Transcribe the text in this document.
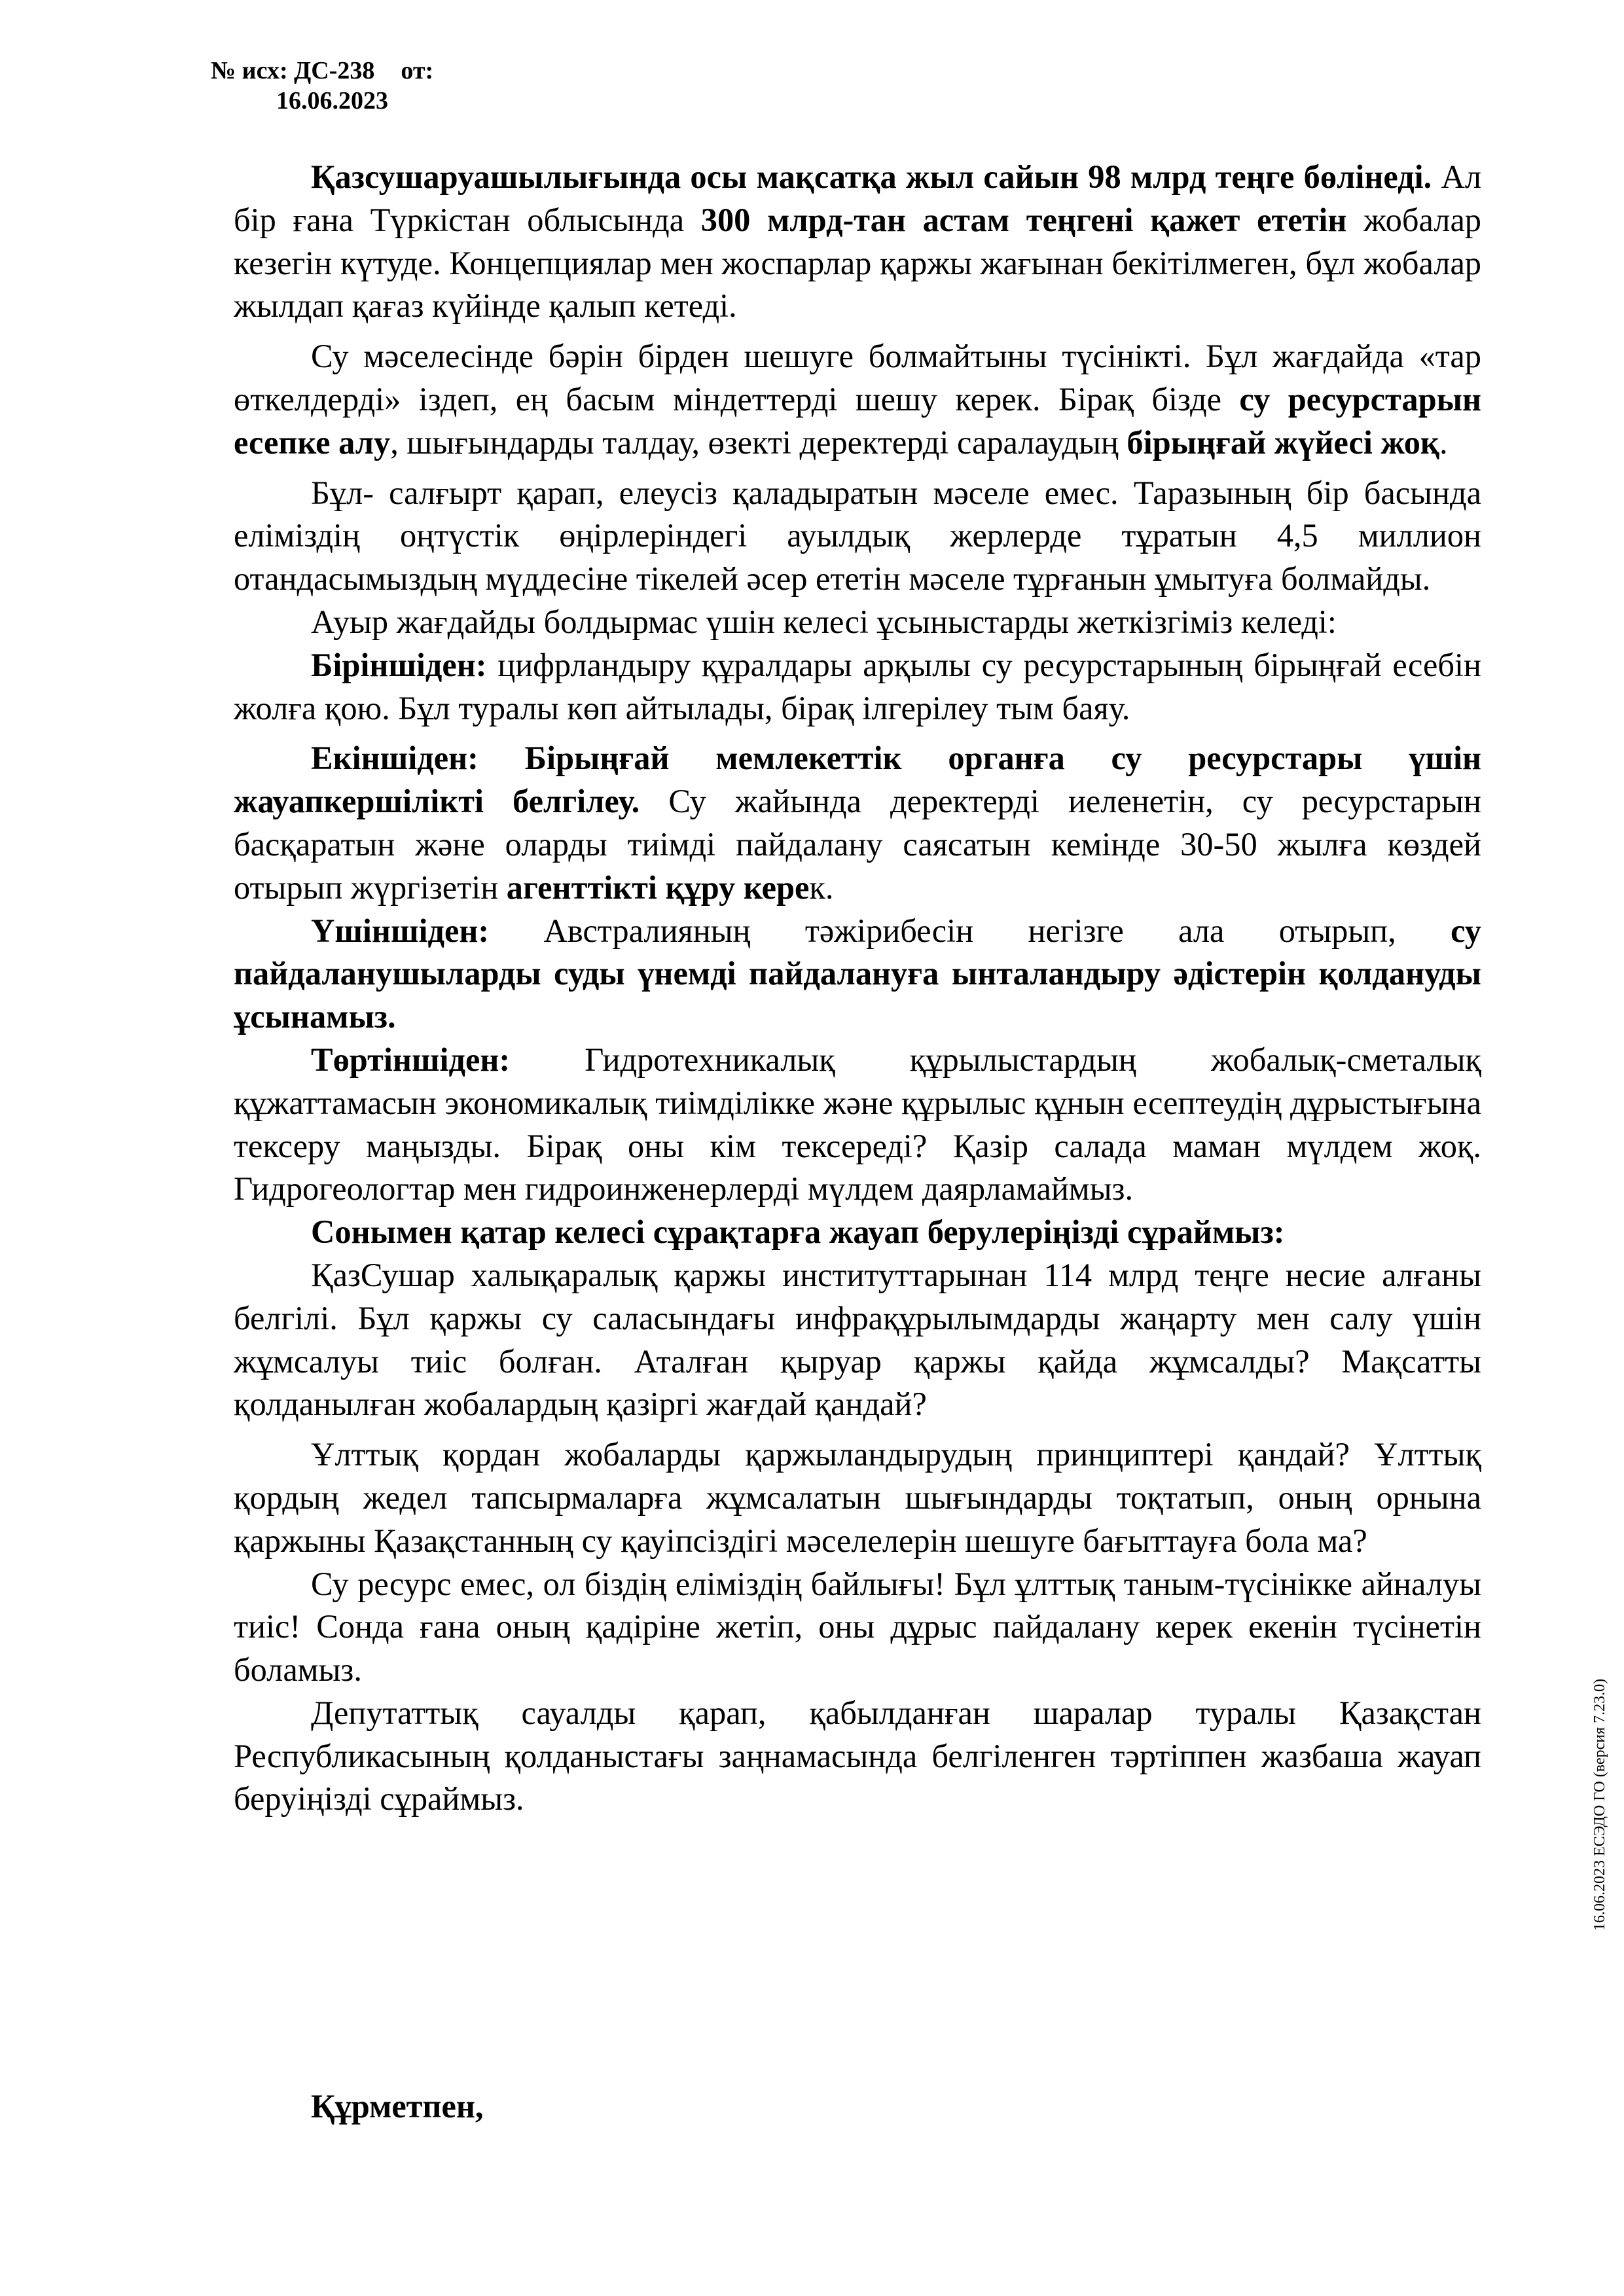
№ исх: ДС-238 от:
16.06.2023

Қазсушаруашылығында осы мақсатқа жыл сайын 98 млрд теңге бөлінеді. Ал бір ғана Түркістан облысында 300 млрд-тан астам теңгені қажет ететін жобалар кезегін күтуде. Концепциялар мен жоспарлар қаржы жағынан бекітілмеген, бұл жобалар жылдап қағаз күйінде қалып кетеді.

Су мәселесінде бәрін бірден шешуге болмайтыны түсінікті. Бұл жағдайда «тар өткелдерді» іздеп, ең басым міндеттерді шешу керек. Бірақ бізде су ресурстарын есепке алу, шығындарды талдау, өзекті деректерді саралаудың бірыңғай жүйесі жоқ.

Бұл- салғырт қарап, елеусіз қаладыратын мәселе емес. Таразының бір басында еліміздің оңтүстік өңірлеріндегі ауылдық жерлерде тұратын 4,5 миллион отандасымыздың мүддесіне тікелей әсер ететін мәселе тұрғанын ұмытуға болмайды.

Ауыр жағдайды болдырмас үшін келесі ұсыныстарды жеткізгіміз келеді:

Біріншіден: цифрландыру құралдары арқылы су ресурстарының бірыңғай есебін жолға қою. Бұл туралы көп айтылады, бірақ ілгерілеу тым баяу.

Екіншіден: Бірыңғай мемлекеттік органға су ресурстары үшін жауапкершілікті белгілеу. Су жайында деректерді иеленетін, су ресурстарын басқаратын және оларды тиімді пайдалану саясатын кемінде 30-50 жылға көздей отырып жүргізетін агенттікті құру керек.

Үшіншіден: Австралияның тәжірибесін негізге ала отырып, су пайдаланушыларды суды үнемді пайдалануға ынталандыру әдістерін қолдануды ұсынамыз.

Төртіншіден: Гидротехникалық құрылыстардың жобалық-сметалық құжаттамасын экономикалық тиімділікке және құрылыс құнын есептеудің дұрыстығына тексеру маңызды. Бірақ оны кім тексереді? Қазір салада маман мүлдем жоқ. Гидрогеологтар мен гидроинженерлерді мүлдем даярламаймыз.

Сонымен қатар келесі сұрақтарға жауап берулеріңізді сұраймыз:

ҚазСушар халықаралық қаржы институттарынан 114 млрд теңге несие алғаны белгілі. Бұл қаржы су саласындағы инфрақұрылымдарды жаңарту мен салу үшін жұмсалуы тиіс болған. Аталған қыруар қаржы қайда жұмсалды? Мақсатты қолданылған жобалардың қазіргі жағдай қандай?

Ұлттық қордан жобаларды қаржыландырудың принциптері қандай? Ұлттық қордың жедел тапсырмаларға жұмсалатын шығындарды тоқтатып, оның орнына қаржыны Қазақстанның су қауіпсіздігі мәселелерін шешуге бағыттауға бола ма?

Су ресурс емес, ол біздің еліміздің байлығы! Бұл ұлттық таным-түсінікке айналуы тиіс! Сонда ғана оның қадіріне жетіп, оны дұрыс пайдалану керек екенін түсінетін боламыз.

Депутаттық сауалды қарап, қабылданған шаралар туралы Қазақстан Республикасының қолданыстағы заңнамасында белгіленген тәртіппен жазбаша жауап беруіңізді сұраймыз.

Құрметпен,
16.06.2023 ЕСЭДО ГО (версия 7.23.0)
